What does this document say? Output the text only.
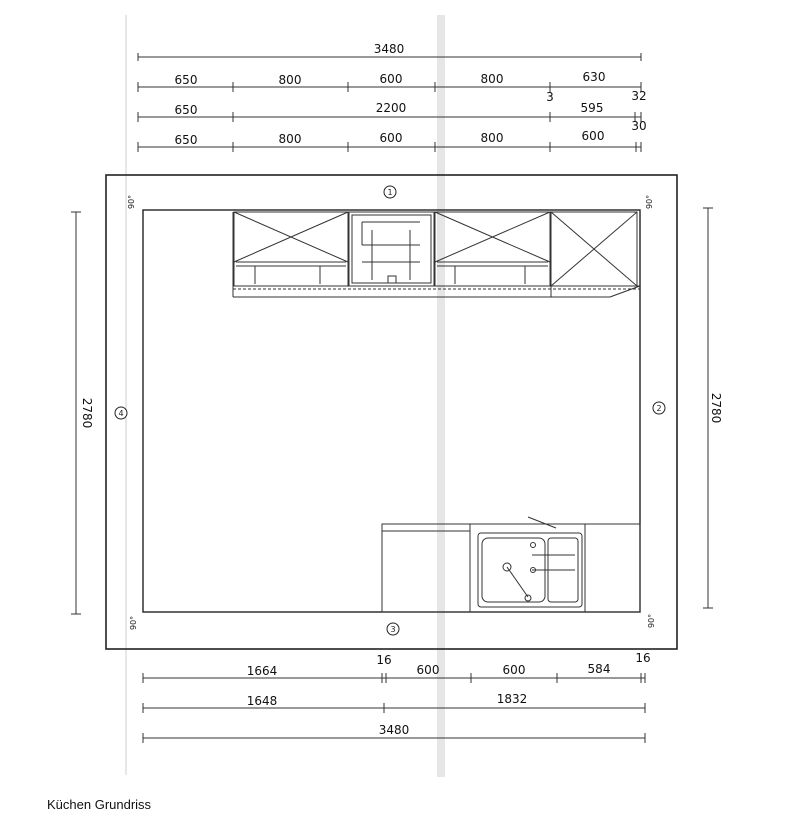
3480
650	800	600	800	630
3	32
650	2200	595
30
650	800	600	800	600
1
2
3
4
90°	90°
90°	90°
2780	2780
1664
16
600	600	584
16
1648	1832
3480
Küchen Grundriss
